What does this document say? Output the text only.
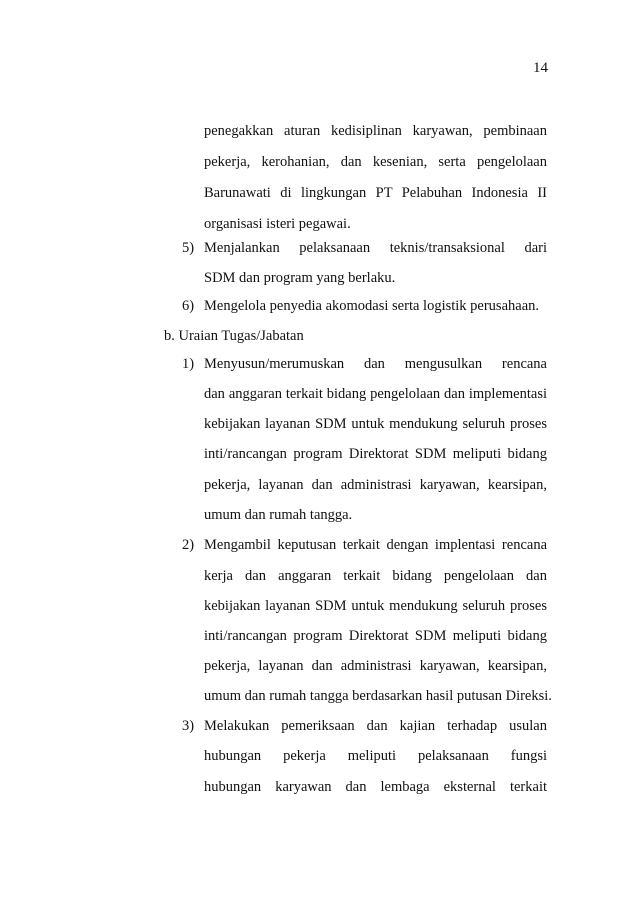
14
penegakkan aturan kedisiplinan karyawan, pembinaan
pekerja, kerohanian, dan kesenian, serta pengelolaan
Barunawati di lingkungan PT Pelabuhan Indonesia II
organisasi isteri pegawai.
5) Menjalankan pelaksanaan teknis/transaksional dari
SDM dan program yang berlaku.
6) Mengelola penyedia akomodasi serta logistik perusahaan.
b. Uraian Tugas/Jabatan
1) Menyusun/merumuskan dan mengusulkan rencana
dan anggaran terkait bidang pengelolaan dan implementasi
kebijakan layanan SDM untuk mendukung seluruh proses
inti/rancangan program Direktorat SDM meliputi bidang
pekerja, layanan dan administrasi karyawan, kearsipan,
umum dan rumah tangga.
2) Mengambil keputusan terkait dengan implentasi rencana
kerja dan anggaran terkait bidang pengelolaan dan
kebijakan layanan SDM untuk mendukung seluruh proses
inti/rancangan program Direktorat SDM meliputi bidang
pekerja, layanan dan administrasi karyawan, kearsipan,
umum dan rumah tangga berdasarkan hasil putusan Direksi.
3) Melakukan pemeriksaan dan kajian terhadap usulan
hubungan pekerja meliputi pelaksanaan fungsi
hubungan karyawan dan lembaga eksternal terkait
